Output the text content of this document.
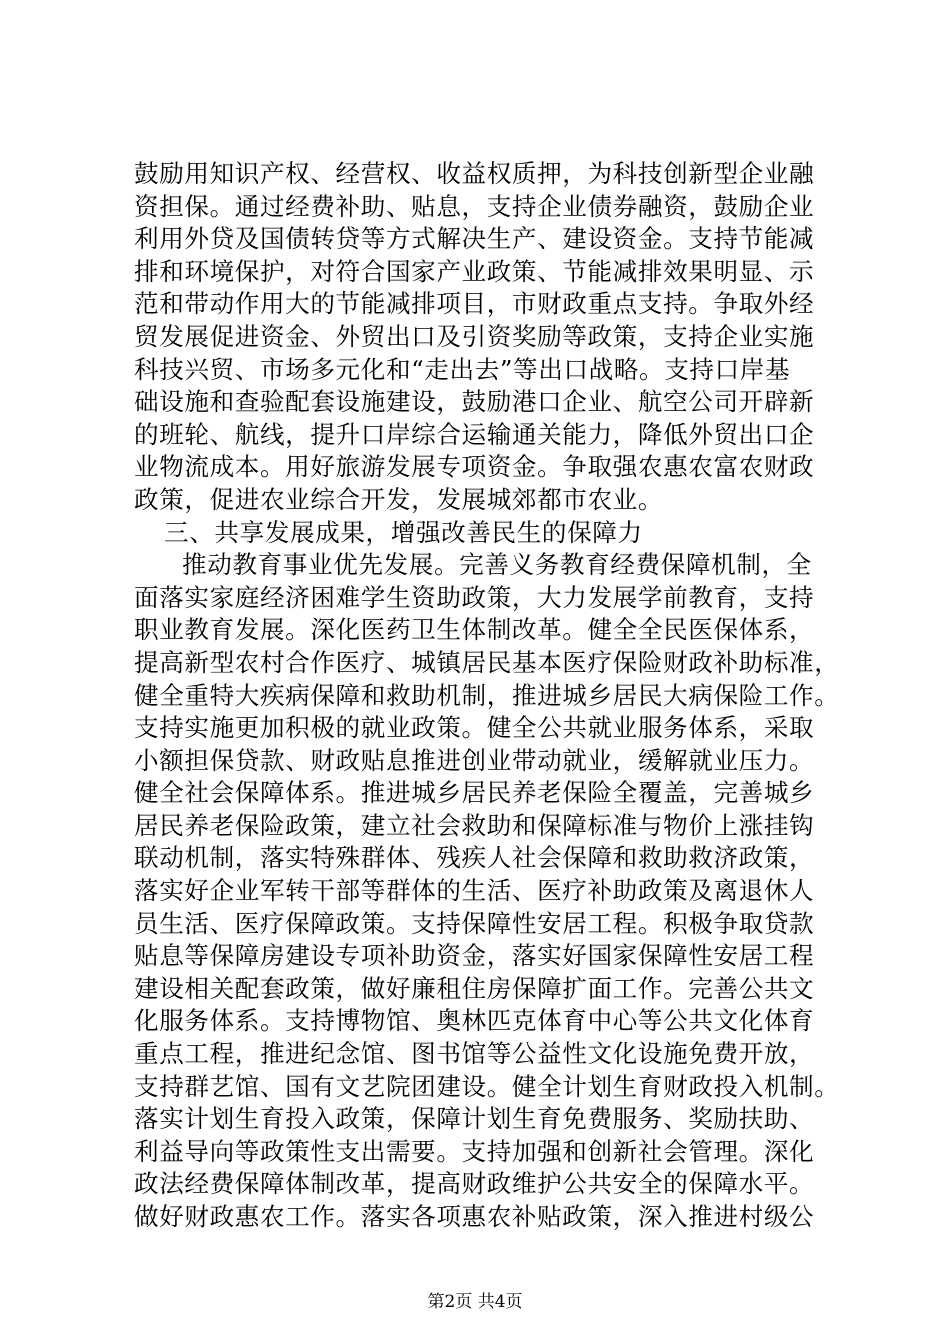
鼓励用知识产权、经营权、收益权质押，为科技创新型企业融
资担保。通过经费补助、贴息，支持企业债券融资，鼓励企业
利用外贷及国债转贷等方式解决生产、建设资金。支持节能减
排和环境保护，对符合国家产业政策、节能减排效果明显、示
范和带动作用大的节能减排项目，市财政重点支持。争取外经
贸发展促进资金、外贸出口及引资奖励等政策，支持企业实施
科技兴贸、市场多元化和“走出去”等出口战略。支持口岸基
础设施和查验配套设施建设，鼓励港口企业、航空公司开辟新
的班轮、航线，提升口岸综合运输通关能力，降低外贸出口企
业物流成本。用好旅游发展专项资金。争取强农惠农富农财政
政策，促进农业综合开发，发展城郊都市农业。
三、共享发展成果，增强改善民生的保障力
推动教育事业优先发展。完善义务教育经费保障机制，全
面落实家庭经济困难学生资助政策，大力发展学前教育，支持
职业教育发展。深化医药卫生体制改革。健全全民医保体系，
提高新型农村合作医疗、城镇居民基本医疗保险财政补助标准，
健全重特大疾病保障和救助机制，推进城乡居民大病保险工作。
支持实施更加积极的就业政策。健全公共就业服务体系，采取
小额担保贷款、财政贴息推进创业带动就业，缓解就业压力。
健全社会保障体系。推进城乡居民养老保险全覆盖，完善城乡
居民养老保险政策，建立社会救助和保障标准与物价上涨挂钩
联动机制，落实特殊群体、残疾人社会保障和救助救济政策，
落实好企业军转干部等群体的生活、医疗补助政策及离退休人
员生活、医疗保障政策。支持保障性安居工程。积极争取贷款
贴息等保障房建设专项补助资金，落实好国家保障性安居工程
建设相关配套政策，做好廉租住房保障扩面工作。完善公共文
化服务体系。支持博物馆、奥林匹克体育中心等公共文化体育
重点工程，推进纪念馆、图书馆等公益性文化设施免费开放，
支持群艺馆、国有文艺院团建设。健全计划生育财政投入机制。
落实计划生育投入政策，保障计划生育免费服务、奖励扶助、
利益导向等政策性支出需要。支持加强和创新社会管理。深化
政法经费保障体制改革，提高财政维护公共安全的保障水平。
做好财政惠农工作。落实各项惠农补贴政策，深入推进村级公
第2页 共4页
